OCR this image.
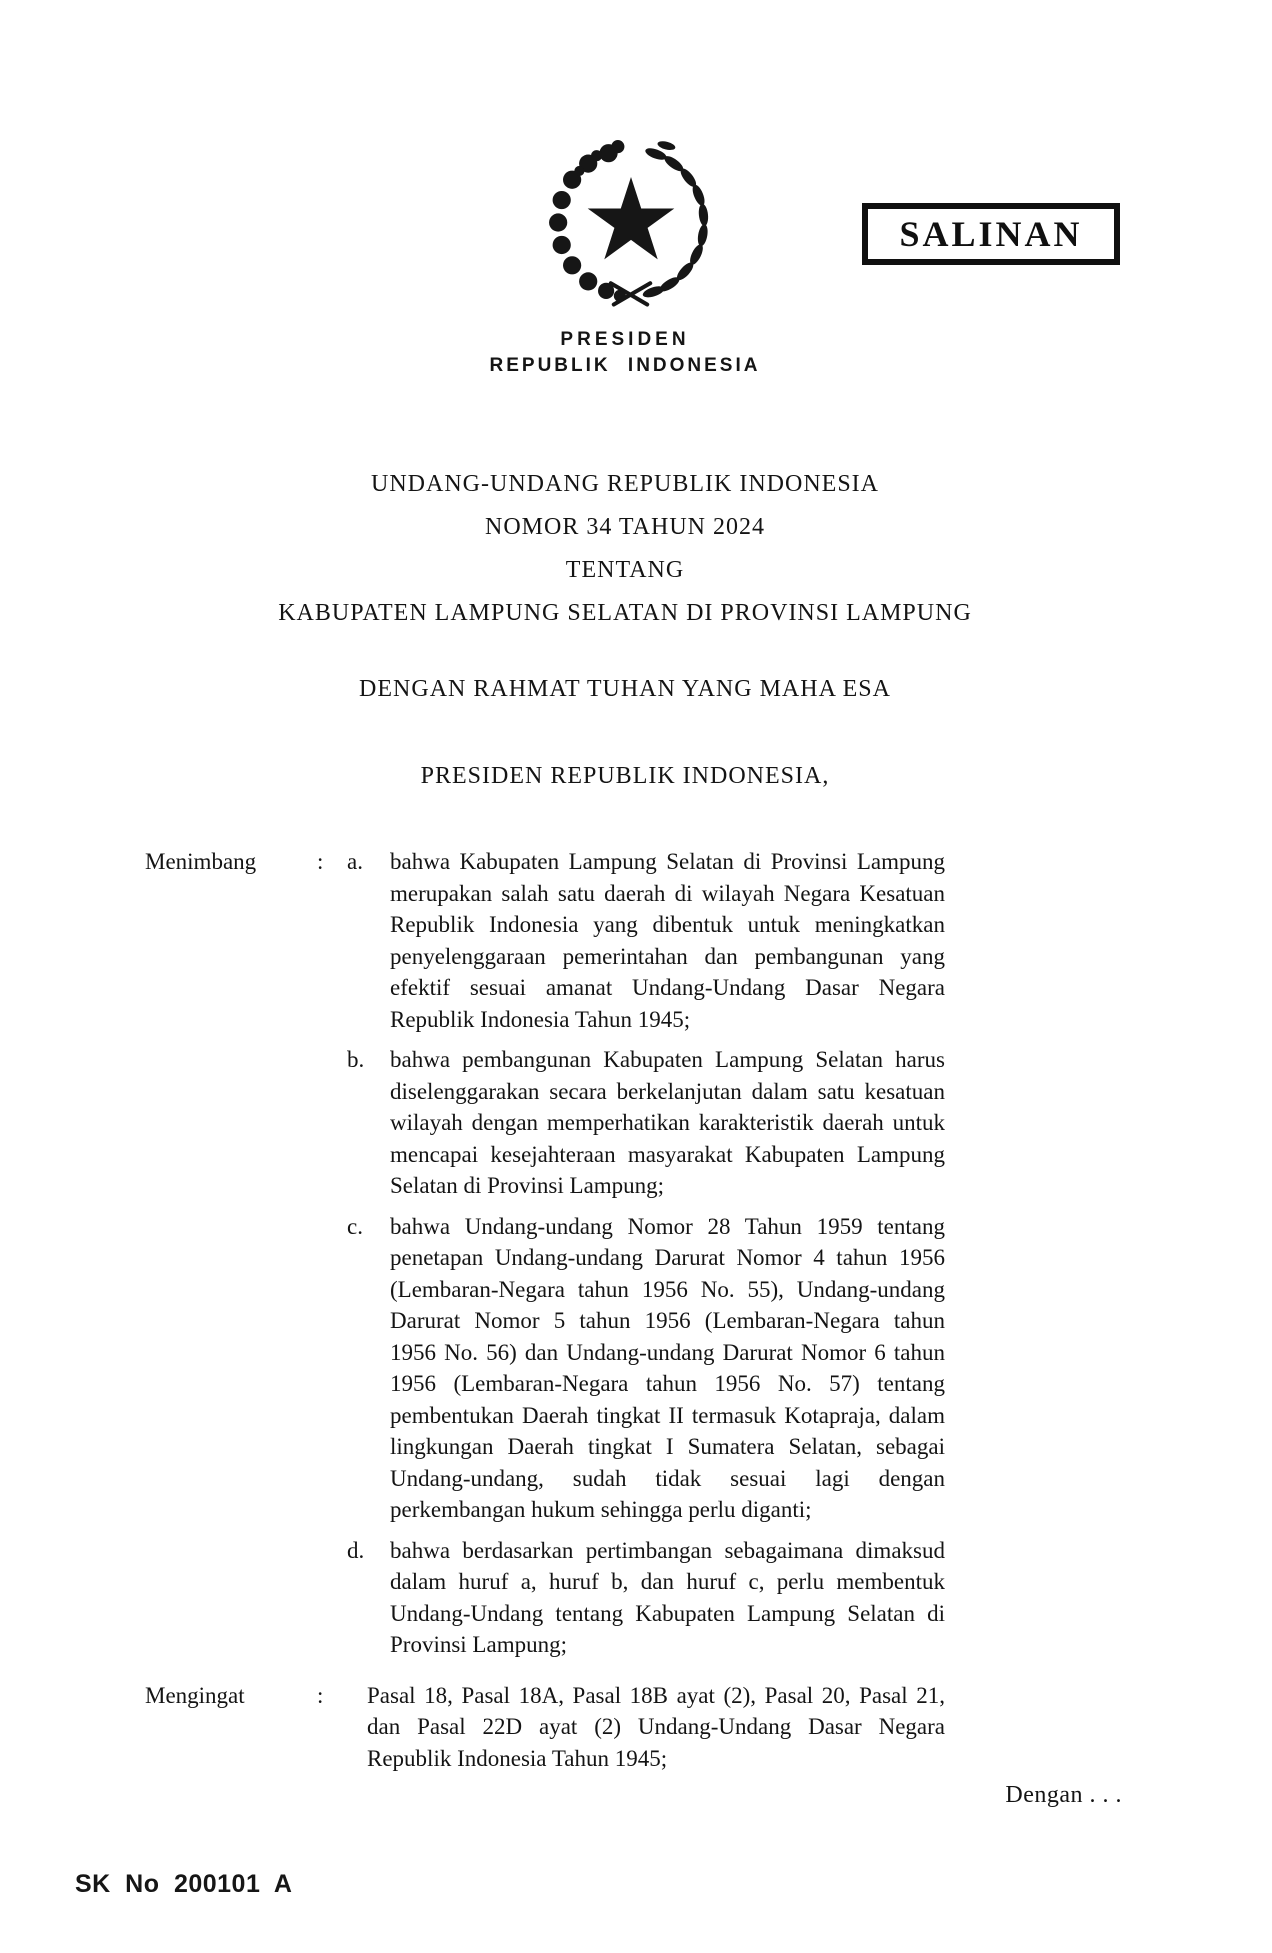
SALINAN
PRESIDEN
REPUBLIK INDONESIA
UNDANG-UNDANG REPUBLIK INDONESIA
NOMOR 34 TAHUN 2024
TENTANG
KABUPATEN LAMPUNG SELATAN DI PROVINSI LAMPUNG
DENGAN RAHMAT TUHAN YANG MAHA ESA
PRESIDEN REPUBLIK INDONESIA,
Menimbang	:	a.	bahwa Kabupaten Lampung Selatan di Provinsi Lampung merupakan salah satu daerah di wilayah Negara Kesatuan Republik Indonesia yang dibentuk untuk meningkatkan penyelenggaraan pemerintahan dan pembangunan yang efektif sesuai amanat Undang-Undang Dasar Negara Republik Indonesia Tahun 1945;
b.	bahwa pembangunan Kabupaten Lampung Selatan harus diselenggarakan secara berkelanjutan dalam satu kesatuan wilayah dengan memperhatikan karakteristik daerah untuk mencapai kesejahteraan masyarakat Kabupaten Lampung Selatan di Provinsi Lampung;
c.	bahwa Undang-undang Nomor 28 Tahun 1959 tentang penetapan Undang-undang Darurat Nomor 4 tahun 1956 (Lembaran-Negara tahun 1956 No. 55), Undang-undang Darurat Nomor 5 tahun 1956 (Lembaran-Negara tahun 1956 No. 56) dan Undang-undang Darurat Nomor 6 tahun 1956 (Lembaran-Negara tahun 1956 No. 57) tentang pembentukan Daerah tingkat II termasuk Kotapraja, dalam lingkungan Daerah tingkat I Sumatera Selatan, sebagai Undang-undang, sudah tidak sesuai lagi dengan perkembangan hukum sehingga perlu diganti;
d.	bahwa berdasarkan pertimbangan sebagaimana dimaksud dalam huruf a, huruf b, dan huruf c, perlu membentuk Undang-Undang tentang Kabupaten Lampung Selatan di Provinsi Lampung;
Mengingat	:	Pasal 18, Pasal 18A, Pasal 18B ayat (2), Pasal 20, Pasal 21, dan Pasal 22D ayat (2) Undang-Undang Dasar Negara Republik Indonesia Tahun 1945;
Dengan . . .
SK No 200101 A
